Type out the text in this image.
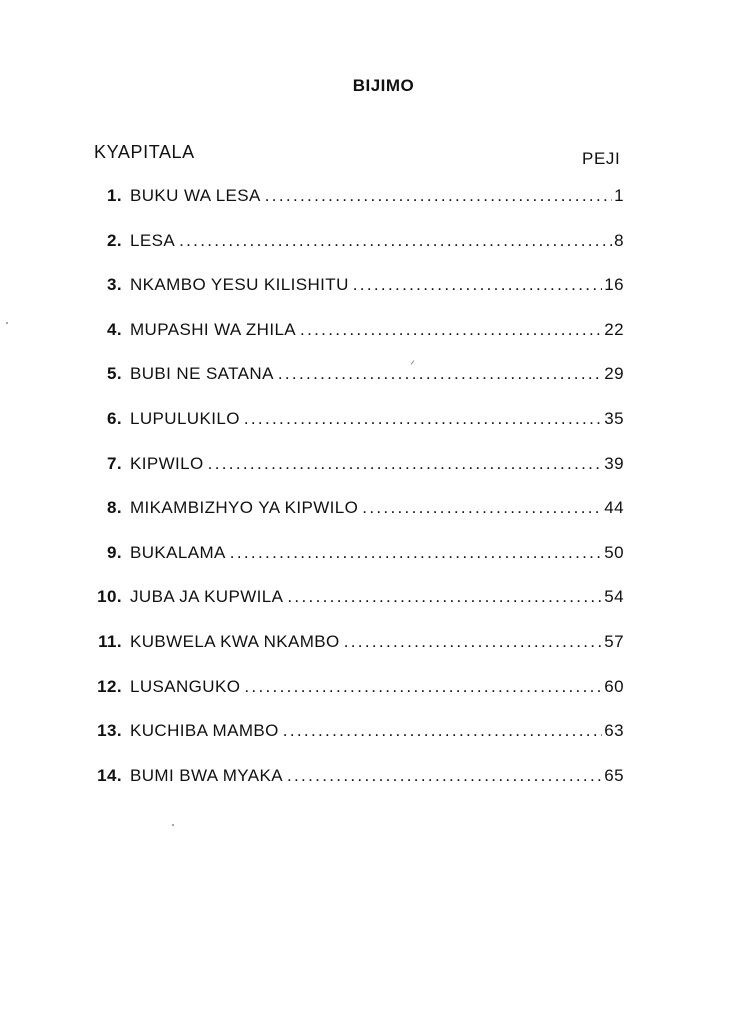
BIJIMO
KYAPITALA	PEJI
1. BUKU WA LESA . . .	1
2. LESA . . .	8
3. NKAMBO YESU KILISHITU . . .	16
4. MUPASHI WA ZHILA . . .	22
5. BUBI NE SATANA . . .	29
6. LUPULUKILO . . .	35
7. KIPWILO . . .	39
8. MIKAMBIZHYO YA KIPWILO . . .	44
9. BUKALAMA . . .	50
10. JUBA JA KUPWILA . . .	54
11. KUBWELA KWA NKAMBO . . .	57
12. LUSANGUKO . . .	60
13. KUCHIBA MAMBO . . .	63
14. BUMI BWA MYAKA . . .	65
